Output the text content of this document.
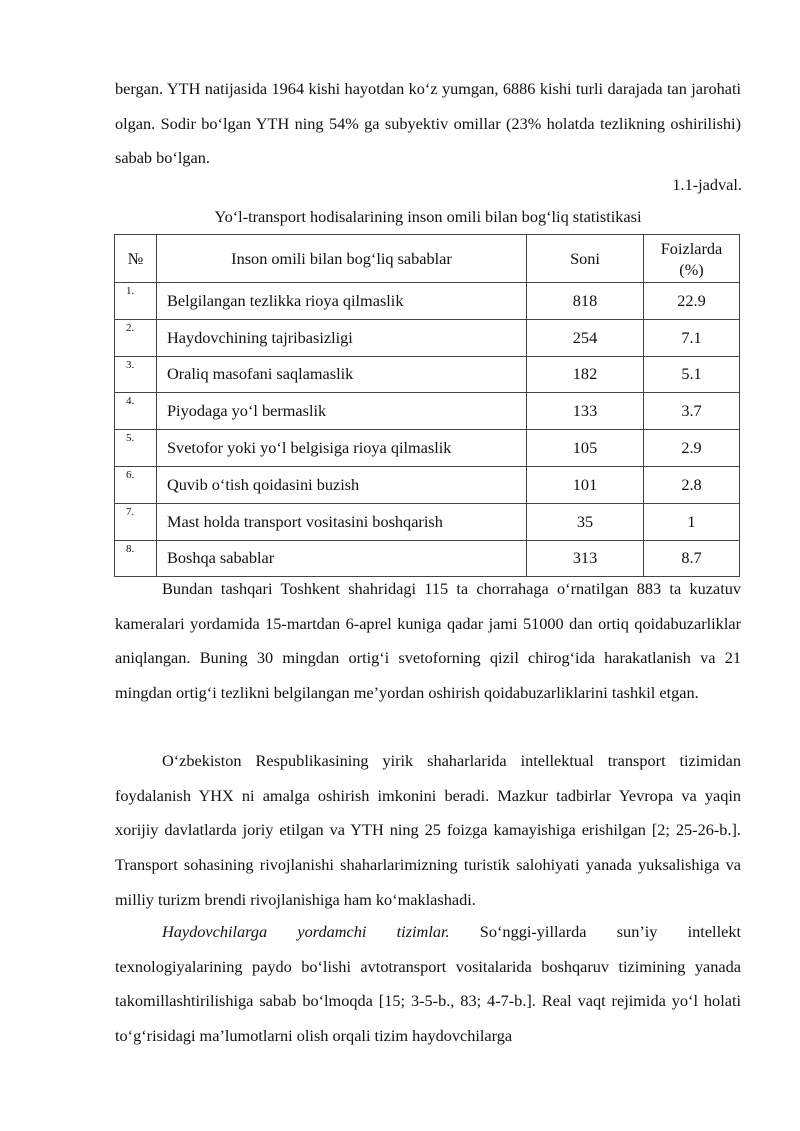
bergan. YTH natijasida 1964 kishi hayotdan ko‘z yumgan, 6886 kishi turli darajada tan jarohati olgan. Sodir bo‘lgan YTH ning 54% ga subyektiv omillar (23% holatda tezlikning oshirilishi) sabab bo‘lgan.

1.1-jadval.

Yo‘l-transport hodisalarining inson omili bilan bog‘liq statistikasi

№	Inson omili bilan bog‘liq sabablar	Soni	Foizlarda
(%)
1.	Belgilangan tezlikka rioya qilmaslik	818	22.9
2.	Haydovchining tajribasizligi	254	7.1
3.	Oraliq masofani saqlamaslik	182	5.1
4.	Piyodaga yo‘l bermaslik	133	3.7
5.	Svetofor yoki yo‘l belgisiga rioya qilmaslik	105	2.9
6.	Quvib o‘tish qoidasini buzish	101	2.8
7.	Mast holda transport vositasini boshqarish	35	1
8.	Boshqa sabablar	313	8.7

Bundan tashqari Toshkent shahridagi 115 ta chorrahaga o‘rnatilgan 883 ta kuzatuv kameralari yordamida 15-martdan 6-aprel kuniga qadar jami 51000 dan ortiq qoidabuzarliklar aniqlangan. Buning 30 mingdan ortig‘i svetoforning qizil chirog‘ida harakatlanish va 21 mingdan ortig‘i tezlikni belgilangan me’yordan oshirish qoidabuzarliklarini tashkil etgan.

O‘zbekiston Respublikasining yirik shaharlarida intellektual transport tizimidan foydalanish YHX ni amalga oshirish imkonini beradi. Mazkur tadbirlar Yevropa va yaqin xorijiy davlatlarda joriy etilgan va YTH ning 25 foizga kamayishiga erishilgan [2; 25-26-b.]. Transport sohasining rivojlanishi shaharlarimizning turistik salohiyati yanada yuksalishiga va milliy turizm brendi rivojlanishiga ham ko‘maklashadi.

Haydovchilarga yordamchi tizimlar. So‘nggi-yillarda sun’iy intellekt texnologiyalarining paydo bo‘lishi avtotransport vositalarida boshqaruv tizimining yanada takomillashtirilishiga sabab bo‘lmoqda [15; 3-5-b., 83; 4-7-b.]. Real vaqt rejimida yo‘l holati to‘g‘risidagi ma’lumotlarni olish orqali tizim haydovchilarga
